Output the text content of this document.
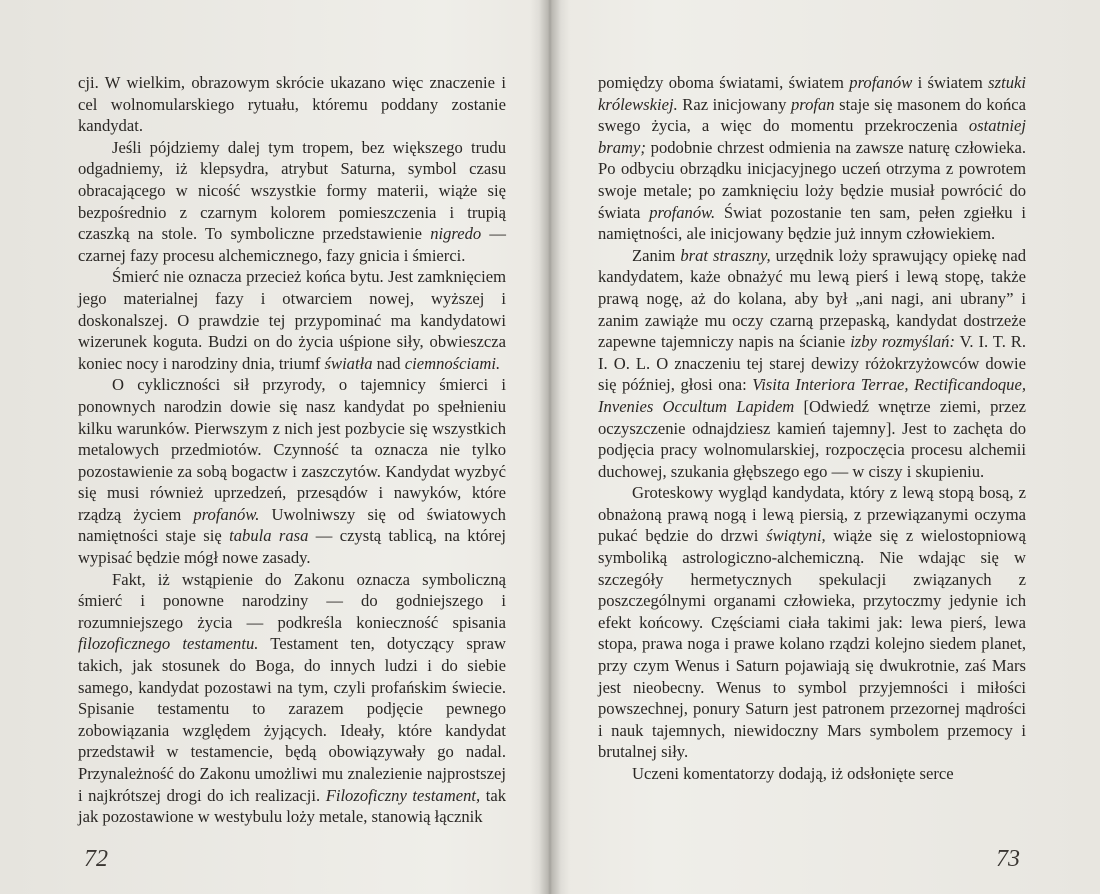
cji. W wielkim, obrazowym skrócie ukazano więc znaczenie i cel wolnomularskiego rytuału, któremu poddany zostanie kandydat.

Jeśli pójdziemy dalej tym tropem, bez większego trudu odgadniemy, iż klepsydra, atrybut Saturna, symbol czasu obracającego w nicość wszystkie formy materii, wiąże się bezpośrednio z czarnym kolorem pomieszczenia i trupią czaszką na stole. To symboliczne przedstawienie nigredo — czarnej fazy procesu alchemicznego, fazy gnicia i śmierci.

Śmierć nie oznacza przecież końca bytu. Jest zamknięciem jego materialnej fazy i otwarciem nowej, wyższej i doskonalszej. O prawdzie tej przypominać ma kandydatowi wizerunek koguta. Budzi on do życia uśpione siły, obwieszcza koniec nocy i narodziny dnia, triumf światła nad ciemnościami.

O cykliczności sił przyrody, o tajemnicy śmierci i ponownych narodzin dowie się nasz kandydat po spełnieniu kilku warunków. Pierwszym z nich jest pozbycie się wszystkich metalowych przedmiotów. Czynność ta oznacza nie tylko pozostawienie za sobą bogactw i zaszczytów. Kandydat wyzbyć się musi również uprzedzeń, przesądów i nawyków, które rządzą życiem profanów. Uwolniwszy się od światowych namiętności staje się tabula rasa — czystą tablicą, na której wypisać będzie mógł nowe zasady.

Fakt, iż wstąpienie do Zakonu oznacza symboliczną śmierć i ponowne narodziny — do godniejszego i rozumniejszego życia — podkreśla konieczność spisania filozoficznego testamentu. Testament ten, dotyczący spraw takich, jak stosunek do Boga, do innych ludzi i do siebie samego, kandydat pozostawi na tym, czyli profańskim świecie. Spisanie testamentu to zarazem podjęcie pewnego zobowiązania względem żyjących. Ideały, które kandydat przedstawił w testamencie, będą obowiązywały go nadal. Przynależność do Zakonu umożliwi mu znalezienie najprostszej i najkrótszej drogi do ich realizacji. Filozoficzny testament, tak jak pozostawione w westybulu loży metale, stanowią łącznik

72

pomiędzy oboma światami, światem profanów i światem sztuki królewskiej. Raz inicjowany profan staje się masonem do końca swego życia, a więc do momentu przekroczenia ostatniej bramy; podobnie chrzest odmienia na zawsze naturę człowieka. Po odbyciu obrządku inicjacyjnego uczeń otrzyma z powrotem swoje metale; po zamknięciu loży będzie musiał powrócić do świata profanów. Świat pozostanie ten sam, pełen zgiełku i namiętności, ale inicjowany będzie już innym człowiekiem.

Zanim brat straszny, urzędnik loży sprawujący opiekę nad kandydatem, każe obnażyć mu lewą pierś i lewą stopę, także prawą nogę, aż do kolana, aby był „ani nagi, ani ubrany” i zanim zawiąże mu oczy czarną przepaską, kandydat dostrzeże zapewne tajemniczy napis na ścianie izby rozmyślań: V. I. T. R. I. O. L. O znaczeniu tej starej dewizy różokrzyżowców dowie się później, głosi ona: Visita Interiora Terrae, Rectificandoque, Invenies Occultum Lapidem [Odwiedź wnętrze ziemi, przez oczyszczenie odnajdziesz kamień tajemny]. Jest to zachęta do podjęcia pracy wolnomularskiej, rozpoczęcia procesu alchemii duchowej, szukania głębszego ego — w ciszy i skupieniu.

Groteskowy wygląd kandydata, który z lewą stopą bosą, z obnażoną prawą nogą i lewą piersią, z przewiązanymi oczyma pukać będzie do drzwi świątyni, wiąże się z wielostopniową symboliką astrologiczno-alchemiczną. Nie wdając się w szczegóły hermetycznych spekulacji związanych z poszczególnymi organami człowieka, przytoczmy jedynie ich efekt końcowy. Częściami ciała takimi jak: lewa pierś, lewa stopa, prawa noga i prawe kolano rządzi kolejno siedem planet, przy czym Wenus i Saturn pojawiają się dwukrotnie, zaś Mars jest nieobecny. Wenus to symbol przyjemności i miłości powszechnej, ponury Saturn jest patronem przezornej mądrości i nauk tajemnych, niewidoczny Mars symbolem przemocy i brutalnej siły.

Uczeni komentatorzy dodają, iż odsłonięte serce

73
